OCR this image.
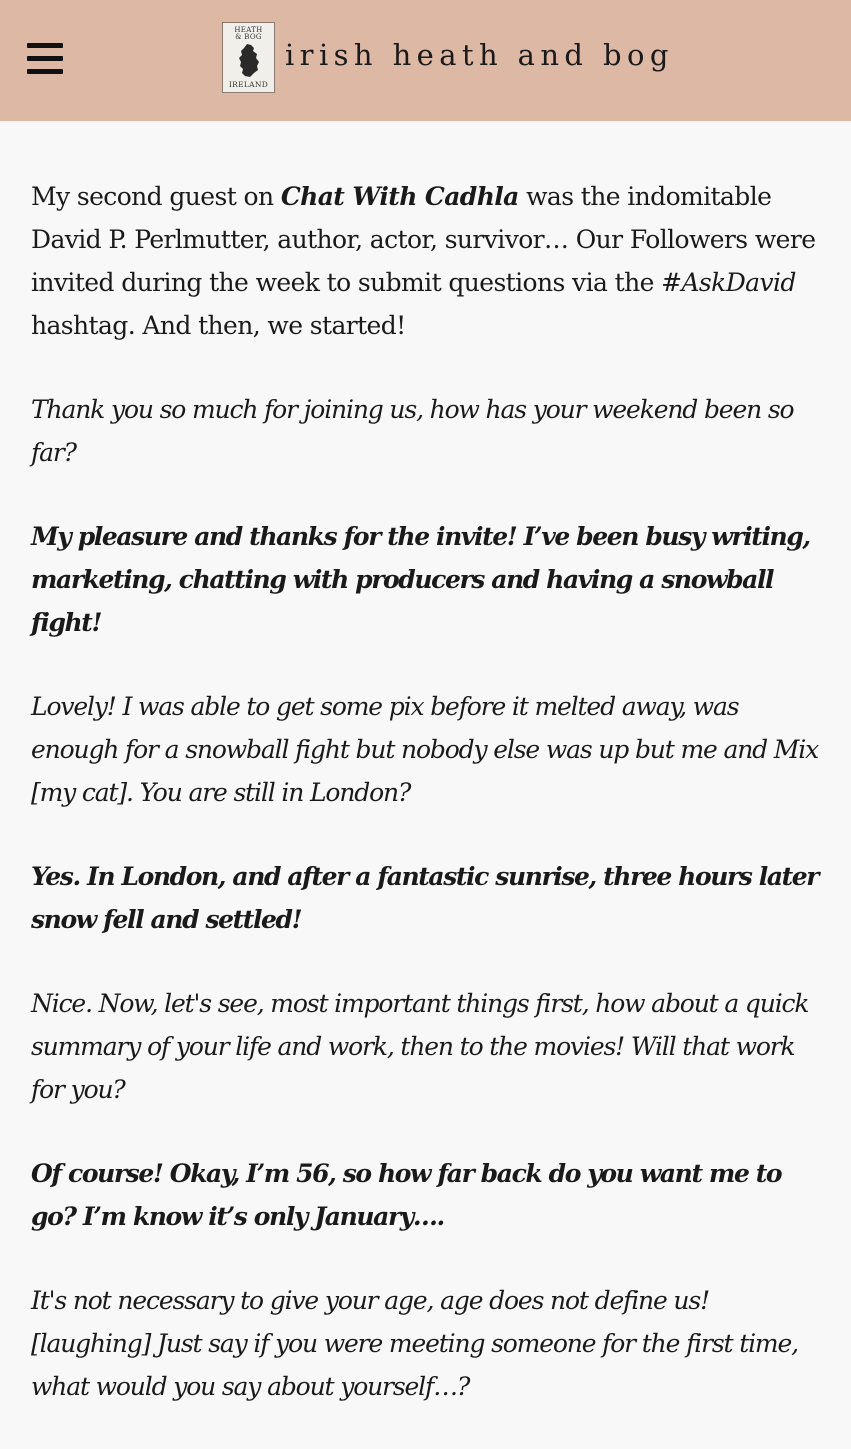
HEATH
& BOG
IRELAND
irish heath and bog

My second guest on Chat With Cadhla was the indomitable David P. Perlmutter, author, actor, survivor… Our Followers were invited during the week to submit questions via the #AskDavid hashtag. And then, we started!

Thank you so much for joining us, how has your weekend been so far?

My pleasure and thanks for the invite! I’ve been busy writing, marketing, chatting with producers and having a snowball fight!

Lovely! I was able to get some pix before it melted away, was enough for a snowball fight but nobody else was up but me and Mix [my cat]. You are still in London?

Yes. In London, and after a fantastic sunrise, three hours later snow fell and settled!

Nice. Now, let's see, most important things first, how about a quick summary of your life and work, then to the movies! Will that work for you?

Of course! Okay, I’m 56, so how far back do you want me to go? I’m know it’s only January….

It's not necessary to give your age, age does not define us! [laughing] Just say if you were meeting someone for the first time, what would you say about yourself…?
